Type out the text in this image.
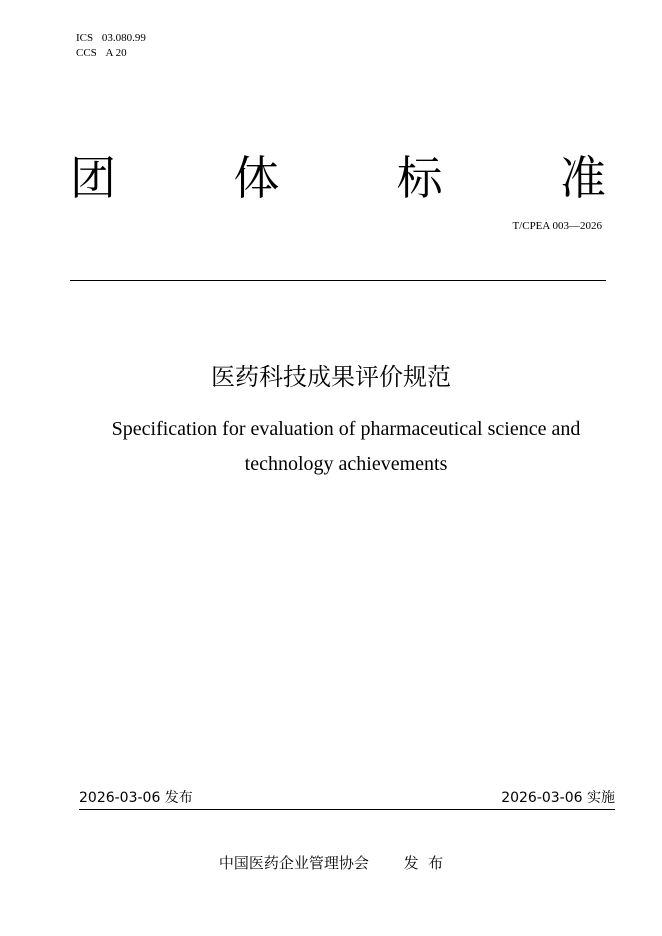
ICS 03.080.99
CCS A 20
团	体	标	准
T/CPEA 003—2026
医药科技成果评价规范
Specification for evaluation of pharmaceutical science and technology achievements
2026-03-06 发布	2026-03-06 实施
中国医药企业管理协会 发  布
